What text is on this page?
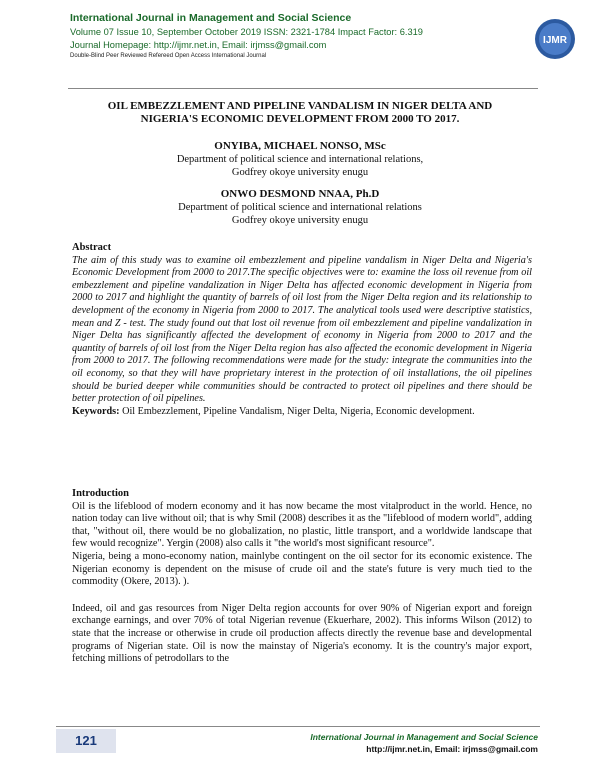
International Journal in Management and Social Science
Volume 07 Issue 10, September October 2019 ISSN: 2321-1784 Impact Factor: 6.319
Journal Homepage: http://ijmr.net.in, Email: irjmss@gmail.com
Double-Blind Peer Reviewed Refereed Open Access International Journal
IJMR
OIL EMBEZZLEMENT AND PIPELINE VANDALISM IN NIGER DELTA AND
NIGERIA'S ECONOMIC DEVELOPMENT FROM 2000 TO 2017.
ONYIBA, MICHAEL NONSO, MSc
Department of political science and international relations,
Godfrey okoye university enugu
ONWO DESMOND NNAA, Ph.D
Department of political science and international relations
Godfrey okoye university enugu
Abstract
The aim of this study was to examine oil embezzlement and pipeline vandalism in Niger Delta and Nigeria's Economic Development from 2000 to 2017.The specific objectives were to: examine the loss oil revenue from oil embezzlement and pipeline vandalization in Niger Delta has affected economic development in Nigeria from 2000 to 2017 and highlight the quantity of barrels of oil lost from the Niger Delta region and its relationship to development of the economy in Nigeria from 2000 to 2017. The analytical tools used were descriptive statistics, mean and Z - test. The study found out that lost oil revenue from oil embezzlement and pipeline vandalization in Niger Delta has significantly affected the development of economy in Nigeria from 2000 to 2017 and the quantity of barrels of oil lost from the Niger Delta region has also affected the economic development in Nigeria from 2000 to 2017. The following recommendations were made for the study: integrate the communities into the oil economy, so that they will have proprietary interest in the protection of oil installations, the oil pipelines should be buried deeper while communities should be contracted to protect oil pipelines and there should be better protection of oil pipelines.
Keywords: Oil Embezzlement, Pipeline Vandalism, Niger Delta, Nigeria, Economic development.
Introduction

Oil is the lifeblood of modern economy and it has now became the most vitalproduct in the world. Hence, no nation today can live without oil; that is why Smil (2008) describes it as the "lifeblood of modern world", adding that, "without oil, there would be no globalization, no plastic, little transport, and a worldwide landscape that few would recognize". Yergin (2008) also calls it "the world's most significant resource".

Nigeria, being a mono-economy nation, mainlybe contingent on the oil sector for its economic existence. The Nigerian economy is dependent on the misuse of crude oil and the state's future is very much tied to the commodity (Okere, 2013). ).

Indeed, oil and gas resources from Niger Delta region accounts for over 90% of Nigerian export and foreign exchange earnings, and over 70% of total Nigerian revenue (Ekuerhare, 2002). This informs Wilson (2012) to state that the increase or otherwise in crude oil production affects directly the revenue base and developmental programs of Nigerian state. Oil is now the mainstay of Nigeria's economy. It is the country's major export, fetching millions of petrodollars to the

121	International Journal in Management and Social Science
http://ijmr.net.in, Email: irjmss@gmail.com
